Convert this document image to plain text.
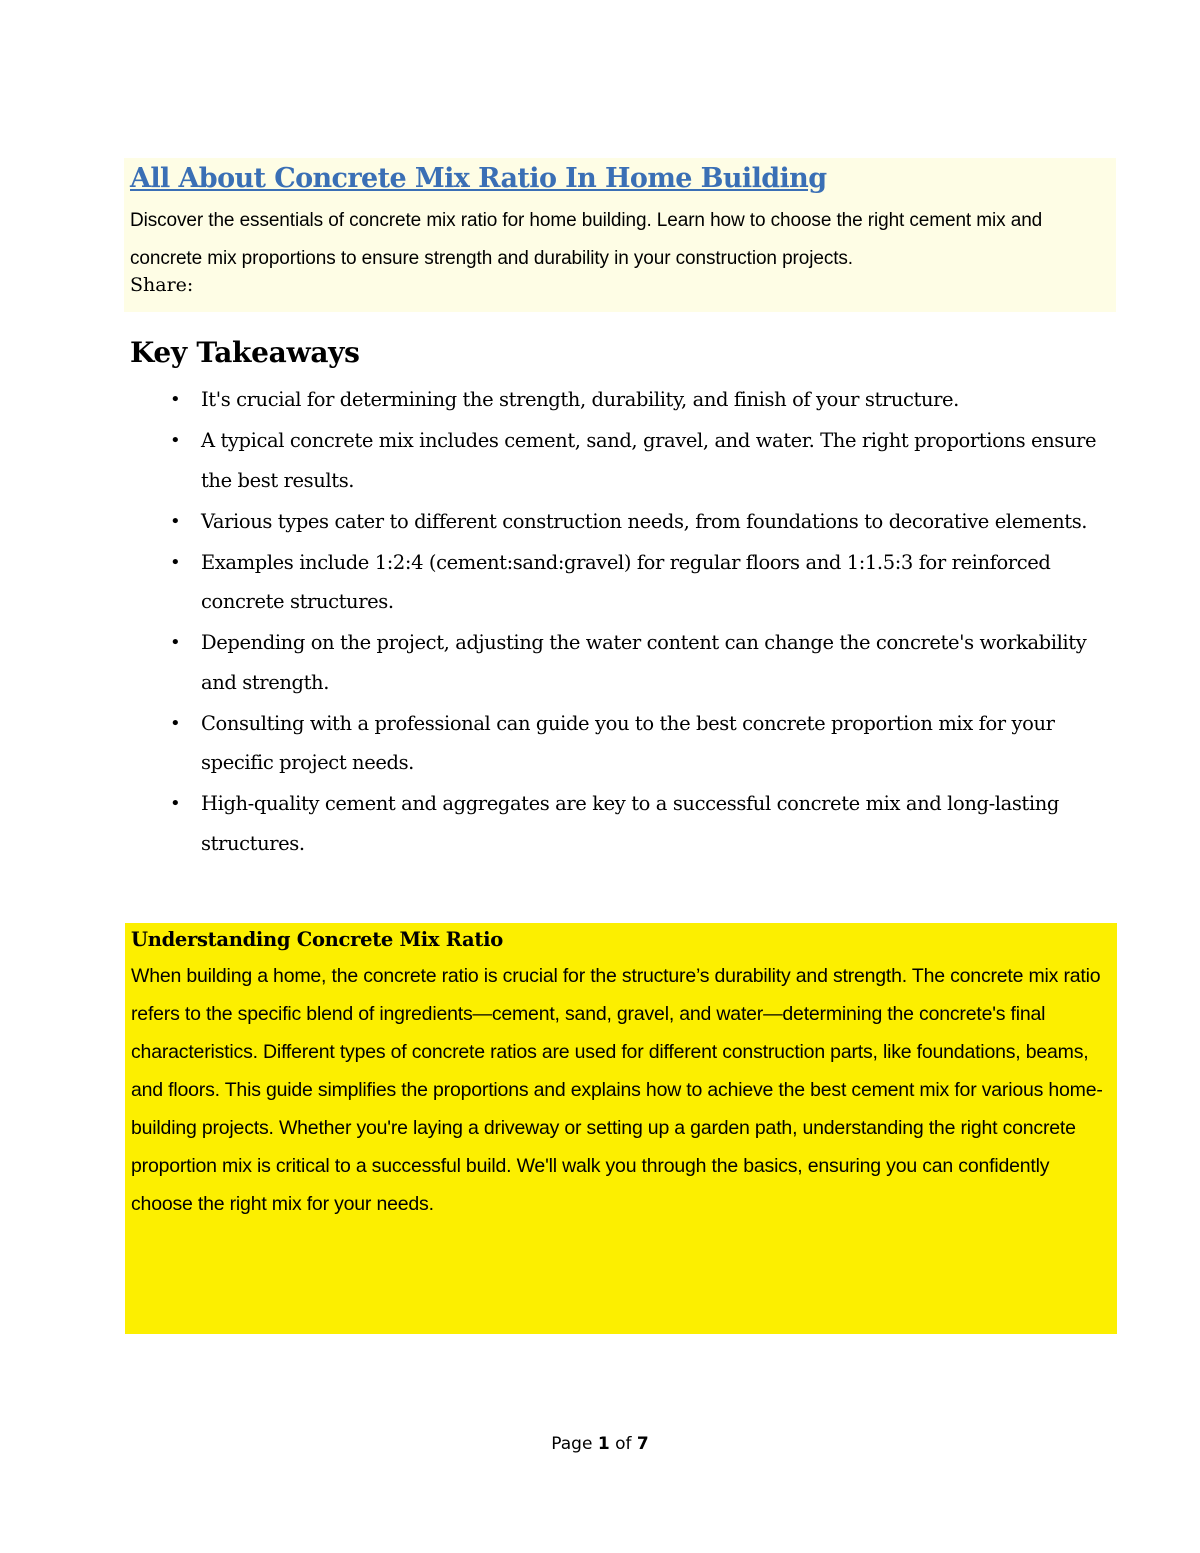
All About Concrete Mix Ratio In Home Building

Discover the essentials of concrete mix ratio for home building. Learn how to choose the right cement mix and concrete mix proportions to ensure strength and durability in your construction projects.

Share:

Key Takeaways
• It's crucial for determining the strength, durability, and finish of your structure.
• A typical concrete mix includes cement, sand, gravel, and water. The right proportions ensure the best results.
• Various types cater to different construction needs, from foundations to decorative elements.
• Examples include 1:2:4 (cement:sand:gravel) for regular floors and 1:1.5:3 for reinforced concrete structures.
• Depending on the project, adjusting the water content can change the concrete's workability and strength.
• Consulting with a professional can guide you to the best concrete proportion mix for your specific project needs.
• High-quality cement and aggregates are key to a successful concrete mix and long-lasting structures.
Understanding Concrete Mix Ratio

When building a home, the concrete ratio is crucial for the structure’s durability and strength. The concrete mix ratio refers to the specific blend of ingredients—cement, sand, gravel, and water—determining the concrete's final characteristics. Different types of concrete ratios are used for different construction parts, like foundations, beams, and floors. This guide simplifies the proportions and explains how to achieve the best cement mix for various home-building projects. Whether you're laying a driveway or setting up a garden path, understanding the right concrete proportion mix is critical to a successful build. We'll walk you through the basics, ensuring you can confidently choose the right mix for your needs.

Page 1 of 7
